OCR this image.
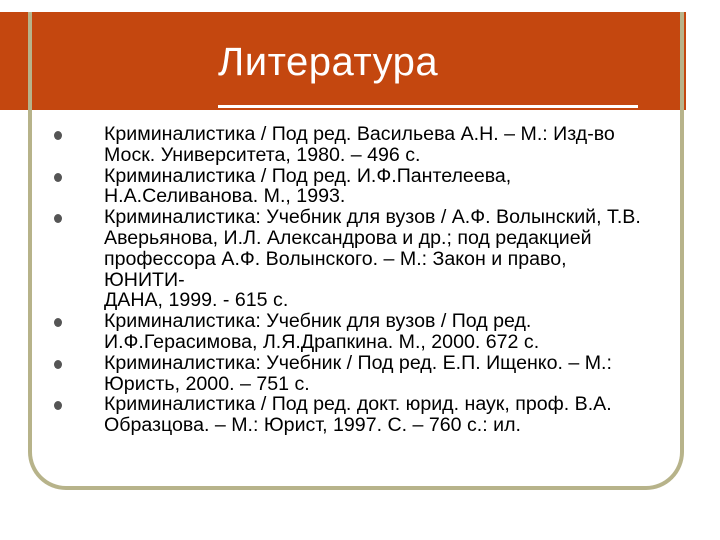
Литература
Криминалистика / Под ред. Васильева А.Н. – М.: Изд-во
Моск. Университета, 1980. – 496 с.
Криминалистика / Под ред. И.Ф.Пантелеева,
Н.А.Селиванова. М., 1993.
Криминалистика: Учебник для вузов / А.Ф. Волынский, Т.В.
Аверьянова, И.Л. Александрова и др.; под редакцией
профессора А.Ф. Волынского. – М.: Закон и право, ЮНИТИ-
ДАНА, 1999. - 615 с.
Криминалистика: Учебник для вузов / Под ред.
И.Ф.Герасимова, Л.Я.Драпкина. М., 2000. 672 с.
Криминалистика: Учебник / Под ред. Е.П. Ищенко. – М.:
Юристь, 2000. – 751 с.
Криминалистика / Под ред. докт. юрид. наук, проф. В.А.
Образцова. – М.: Юрист, 1997. С. – 760 с.: ил.
